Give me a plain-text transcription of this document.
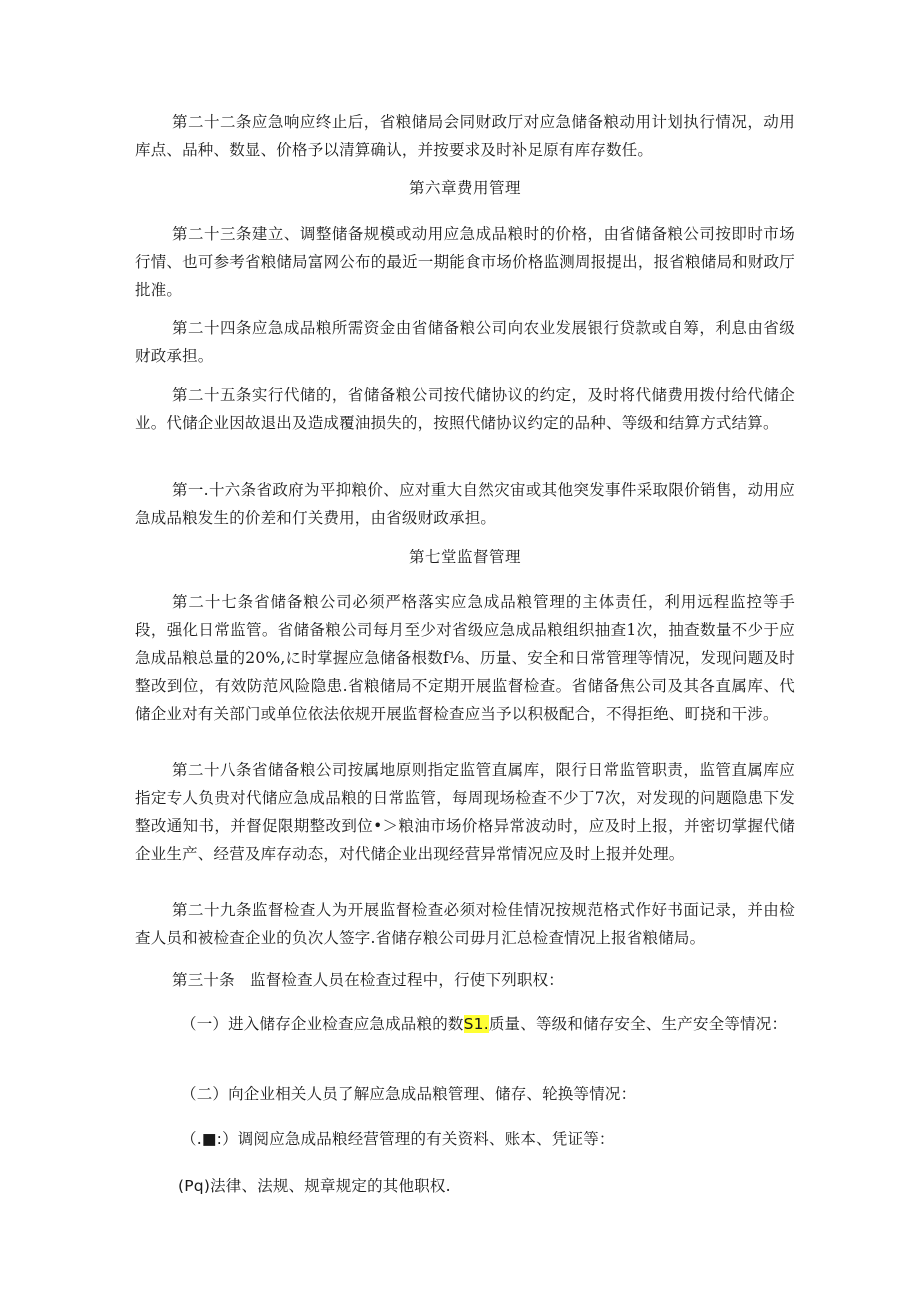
第二十二条应急响应终止后，省粮储局会同财政厅对应急储备粮动用计划执行情况，动用库点、品种、数显、价格予以清算确认，并按要求及时补足原有库存数任。

第六章费用管理

第二十三条建立、调整储备规模或动用应急成品粮时的价格，由省储备粮公司按即时市场行情、也可参考省粮储局富网公布的最近一期能食市场价格监测周报提出，报省粮储局和财政厅批准。

第二十四条应急成品粮所需资金由省储备粮公司向农业发展银行贷款或自筹，利息由省级财政承担。

第二十五条实行代储的，省储备粮公司按代储协议的约定，及时将代储费用拨付给代储企业。代储企业因故退出及造成覆油损失的，按照代储协议约定的品种、等级和结算方式结算。

第一.十六条省政府为平抑粮价、应对重大自然灾宙或其他突发事件采取限价销售，动用应急成品粮发生的价差和仃关费用，由省级财政承担。

第七堂监督管理

第二十七条省储备粮公司必须严格落实应急成品粮管理的主体责任，利用远程监控等手段，强化日常监管。省储备粮公司每月至少对省级应急成品粮组织抽查1次，抽查数量不少于应急成品粮总量的20%,に时掌握应急储备根数f⅛、历量、安全和日常管理等情况，发现问题及时整改到位，有效防范风险隐患.省粮储局不定期开展监督检查。省储备焦公司及其各直属库、代储企业对有关部门或单位依法依规开展监督检查应当予以积极配合，不得拒绝、町挠和干涉。

第二十八条省储备粮公司按属地原则指定监管直属库，限行日常监管职责，监管直属库应指定专人负贵对代储应急成品粮的日常监管，每周现场检查不少丁7次，对发现的问题隐患下发整改通知书，并督促限期整改到位•＞粮油市场价格异常波动时，应及时上报，并密切掌握代储企业生产、经营及库存动态，对代储企业出现经营异常情况应及时上报并处理。

第二十九条监督检查人为开展监督检查必须对检佳情况按规范格式作好书面记录，并由检查人员和被检查企业的负次人签字.省储存粮公司毋月汇总检查情况上报省粮储局。

第三十条 监督检查人员在检查过程中，行使下列职权：

（一）进入储存企业检查应急成品粮的数S1.质量、等级和储存安全、生产安全等情况：

（二）向企业相关人员了解应急成品粮管理、储存、轮换等情况：

（.■:）调阅应急成品粮经营管理的有关资料、账本、凭证等：

(Pq)法律、法规、规章规定的其他职权.
